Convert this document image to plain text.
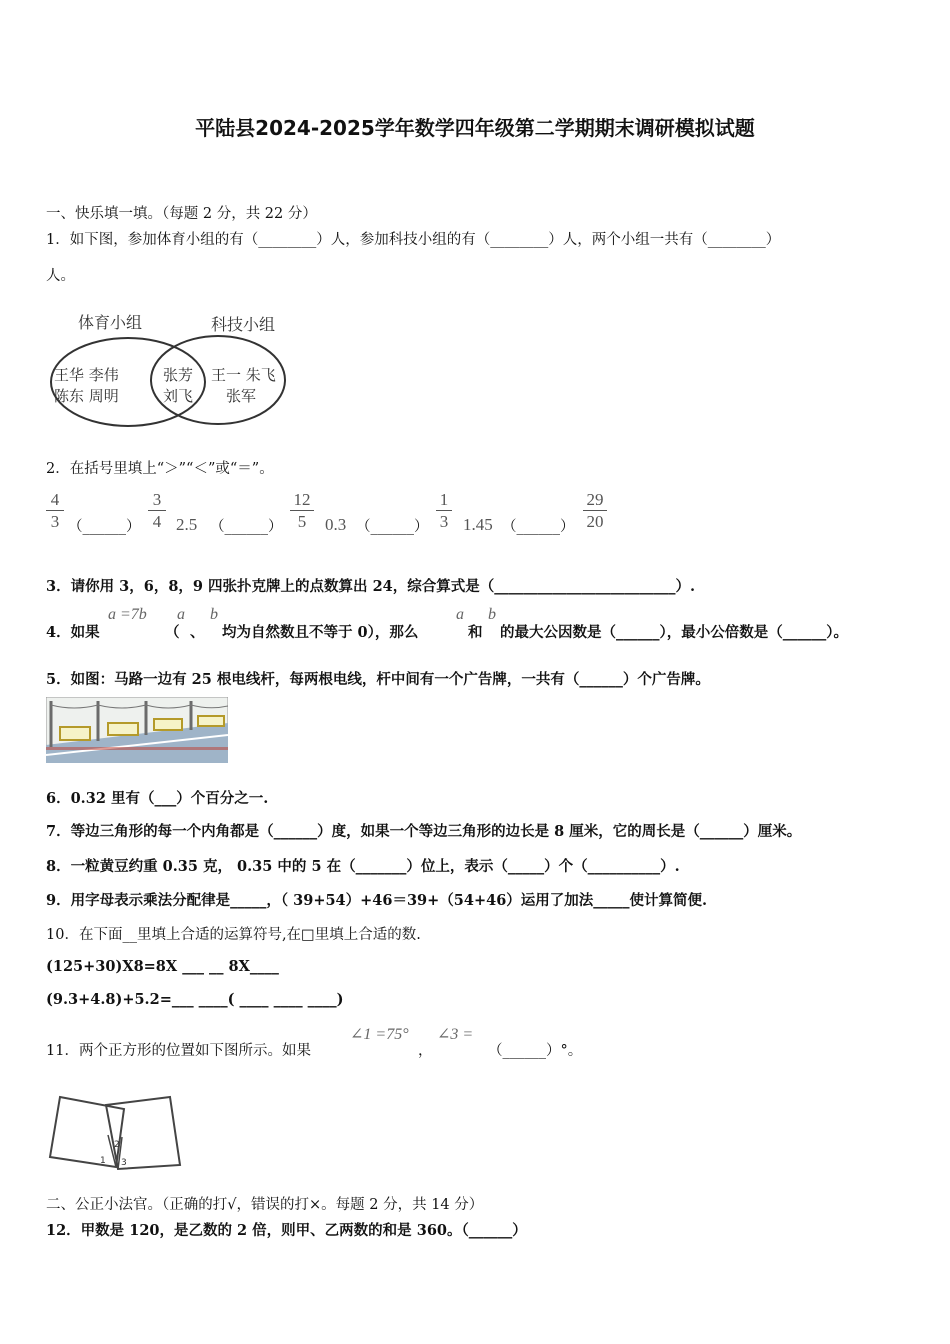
平陆县2024-2025学年数学四年级第二学期期末调研模拟试题
一、快乐填一填。（每题 2 分，共 22 分）
1．如下图，参加体育小组的有（________）人，参加科技小组的有（________）人，两个小组一共有（________）
人。
体育小组	科技小组
王华 李伟
陈东 周明
张芳
刘飞
王一 朱飞
张军
2．在括号里填上“＞”“＜”或“＝”。
4
3 （______）
3
4 2.5 （______）
12
5	0.3 （______）
1
3 1.45 （______）
29
20
3．请你用 3，6，8，9 四张扑克牌上的点数算出 24，综合算式是（_________________________）.
4．如果
a =7b
（
a
、
b
均为自然数且不等于 0），那么
a
和
b
的最大公因数是（______），最小公倍数是（______）。
5．如图：马路一边有 25 根电线杆，每两根电线，杆中间有一个广告牌，一共有（______）个广告牌。
6．0.32 里有（___）个百分之一.
7．等边三角形的每一个内角都是（______）度，如果一个等边三角形的边长是 8 厘米，它的周长是（______）厘米。
8．一粒黄豆约重 0.35 克， 0.35 中的 5 在（_______）位上，表示（_____）个（__________）.
9．用字母表示乘法分配律是_____，（ 39+54）+46＝39+（54+46）运用了加法_____使计算简便.
10．在下面__里填上合适的运算符号,在□里填上合适的数.
(125+30)X8=8X ___ __ 8X____
(9.3+4.8)+5.2=___ ____( ____ ____ ____)
11．两个正方形的位置如下图所示。如果
∠1 =75°
，
∠3 =
（______）°。
2
1 3
二、公正小法官。（正确的打√，错误的打×。每题 2 分，共 14 分）
12．甲数是 120，是乙数的 2 倍，则甲、乙两数的和是 360。（______）
